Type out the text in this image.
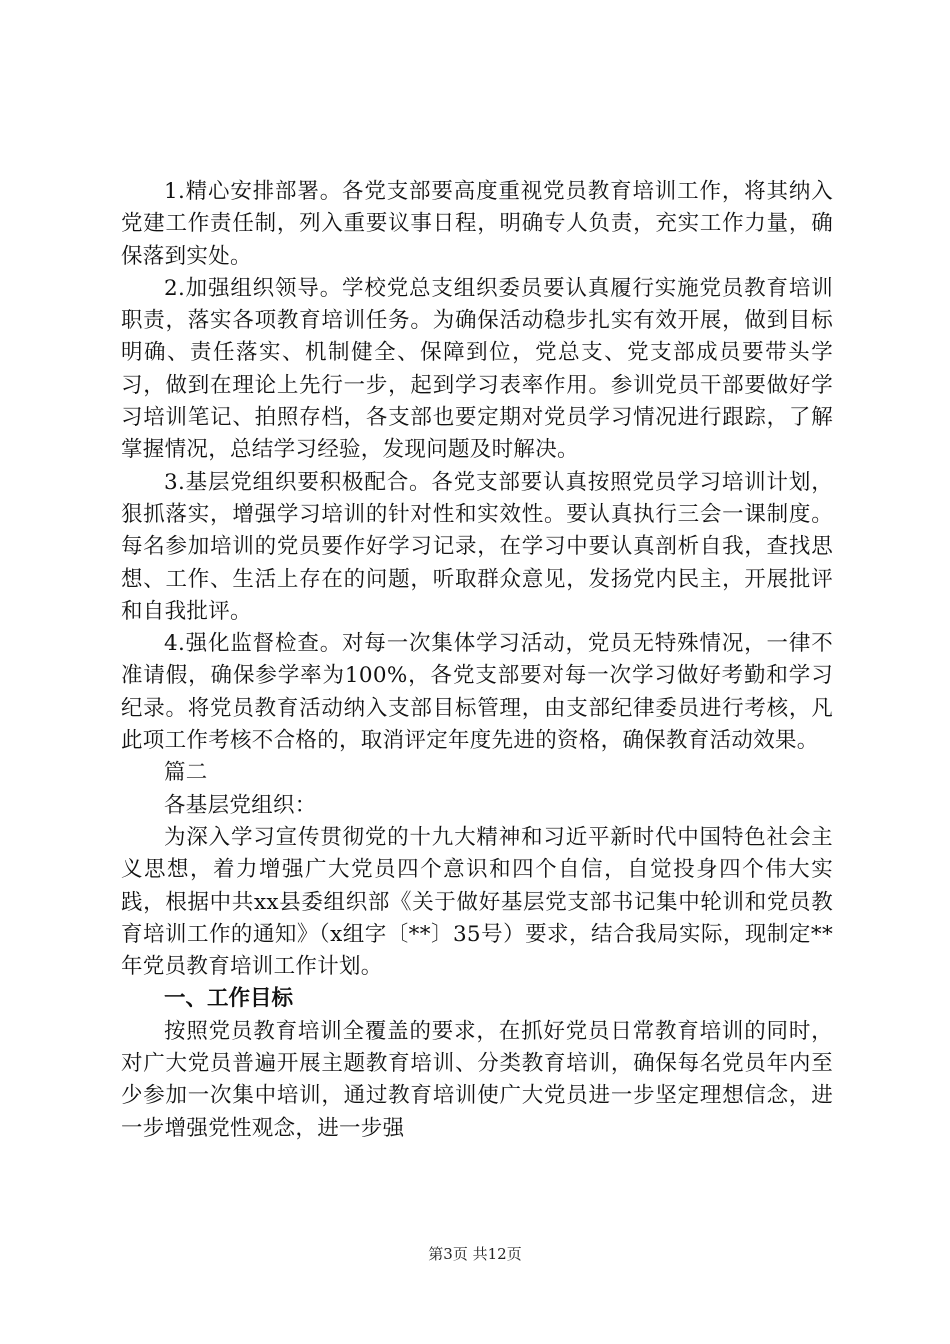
1.精心安排部署。各党支部要高度重视党员教育培训工作，将其纳入党建工作责任制，列入重要议事日程，明确专人负责，充实工作力量，确保落到实处。

2.加强组织领导。学校党总支组织委员要认真履行实施党员教育培训职责，落实各项教育培训任务。为确保活动稳步扎实有效开展，做到目标明确、责任落实、机制健全、保障到位，党总支、党支部成员要带头学习，做到在理论上先行一步，起到学习表率作用。参训党员干部要做好学习培训笔记、拍照存档，各支部也要定期对党员学习情况进行跟踪，了解掌握情况，总结学习经验，发现问题及时解决。

3.基层党组织要积极配合。各党支部要认真按照党员学习培训计划，狠抓落实，增强学习培训的针对性和实效性。要认真执行三会一课制度。每名参加培训的党员要作好学习记录，在学习中要认真剖析自我，查找思想、工作、生活上存在的问题，听取群众意见，发扬党内民主，开展批评和自我批评。

4.强化监督检查。对每一次集体学习活动，党员无特殊情况，一律不准请假，确保参学率为100%，各党支部要对每一次学习做好考勤和学习纪录。将党员教育活动纳入支部目标管理，由支部纪律委员进行考核，凡此项工作考核不合格的，取消评定年度先进的资格，确保教育活动效果。

篇二

各基层党组织：

为深入学习宣传贯彻党的十九大精神和习近平新时代中国特色社会主义思想，着力增强广大党员四个意识和四个自信，自觉投身四个伟大实践，根据中共xx县委组织部《关于做好基层党支部书记集中轮训和党员教育培训工作的通知》（x组字〔**〕35号）要求，结合我局实际，现制定**年党员教育培训工作计划。

一、工作目标

按照党员教育培训全覆盖的要求，在抓好党员日常教育培训的同时，对广大党员普遍开展主题教育培训、分类教育培训，确保每名党员年内至少参加一次集中培训，通过教育培训使广大党员进一步坚定理想信念，进一步增强党性观念，进一步强

第3页 共12页
